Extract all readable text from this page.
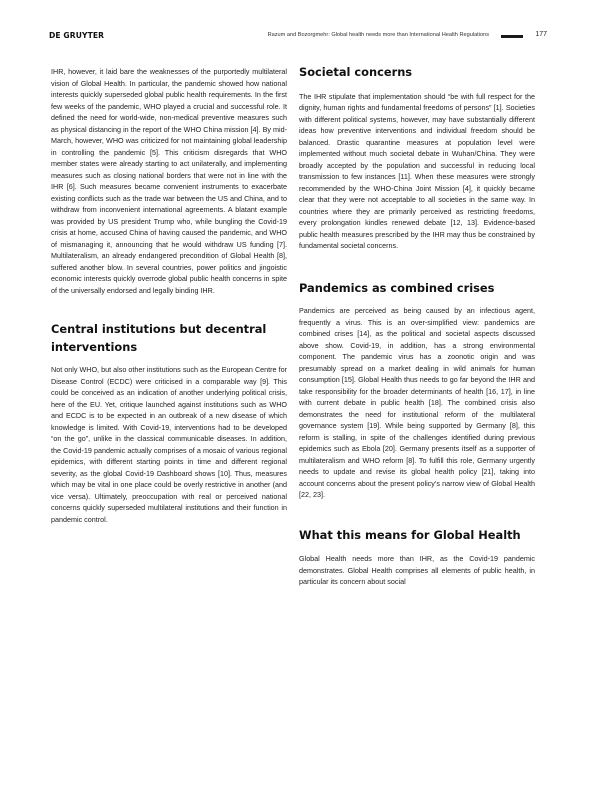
DE GRUYTER	Razum and Bozorgmehr: Global health needs more than International Health Regulations	177

IHR, however, it laid bare the weaknesses of the purportedly multilateral vision of Global Health. In particular, the pandemic showed how national interests quickly superseded global public health requirements. In the first few weeks of the pandemic, WHO played a crucial and successful role. It defined the need for world-wide, non-medical preventive measures such as physical distancing in the report of the WHO China mission [4]. By mid-March, however, WHO was criticized for not maintaining global leadership in controlling the pandemic [5]. This criticism disregards that WHO member states were already starting to act unilaterally, and implementing measures such as closing national borders that were not in line with the IHR [6]. Such measures became convenient instruments to exacerbate existing conflicts such as the trade war between the US and China, and to withdraw from inconvenient international agreements. A blatant example was provided by US president Trump who, while bungling the Covid-19 crisis at home, accused China of having caused the pandemic, and WHO of mismanaging it, announcing that he would withdraw US funding [7]. Multilateralism, an already endangered precondition of Global Health [8], suffered another blow. In several countries, power politics and jingoistic economic interests quickly overrode global public health concerns in spite of the universally endorsed and legally binding IHR.

Central institutions but decentral interventions

Not only WHO, but also other institutions such as the European Centre for Disease Control (ECDC) were criticised in a comparable way [9]. This could be conceived as an indication of another underlying political crisis, here of the EU. Yet, critique launched against institutions such as WHO and ECDC is to be expected in an outbreak of a new disease of which knowledge is limited. With Covid-19, interventions had to be developed “on the go”, unlike in the classical communicable diseases. In addition, the Covid-19 pandemic actually comprises of a mosaic of various regional epidemics, with different starting points in time and different regional severity, as the global Covid-19 Dashboard shows [10]. Thus, measures which may be vital in one place could be overly restrictive in another (and vice versa). Ultimately, preoccupation with real or perceived national concerns quickly superseded multilateral institutions and their function in pandemic control.

Societal concerns

The IHR stipulate that implementation should “be with full respect for the dignity, human rights and fundamental freedoms of persons” [1]. Societies with different political systems, however, may have substantially different ideas how preventive interventions and individual freedom should be balanced. Drastic quarantine measures at population level were implemented without much societal debate in Wuhan/China. They were broadly accepted by the population and successful in reducing local transmission to few instances [11]. When these measures were strongly recommended by the WHO-China Joint Mission [4], it quickly became clear that they were not acceptable to all societies in the same way. In countries where they are primarily perceived as restricting freedoms, every prolongation kindles renewed debate [12, 13]. Evidence-based public health measures prescribed by the IHR may thus be constrained by fundamental societal concerns.

Pandemics as combined crises

Pandemics are perceived as being caused by an infectious agent, frequently a virus. This is an over-simplified view: pandemics are combined crises [14], as the political and societal aspects discussed above show. Covid-19, in addition, has a strong environmental component. The pandemic virus has a zoonotic origin and was presumably spread on a market dealing in wild animals for human consumption [15]. Global Health thus needs to go far beyond the IHR and take responsibility for the broader determinants of health [16, 17], in line with current debate in public health [18]. The combined crisis also demonstrates the need for institutional reform of the multilateral governance system [19]. While being supported by Germany [8], this reform is stalling, in spite of the challenges identified during previous epidemics such as Ebola [20]. Germany presents itself as a supporter of multilateralism and WHO reform [8]. To fulfill this role, Germany urgently needs to update and revise its global health policy [21], taking into account concerns about the present policy’s narrow view of Global Health [22, 23].

What this means for Global Health

Global Health needs more than IHR, as the Covid-19 pandemic demonstrates. Global Health comprises all elements of public health, in particular its concern about social
